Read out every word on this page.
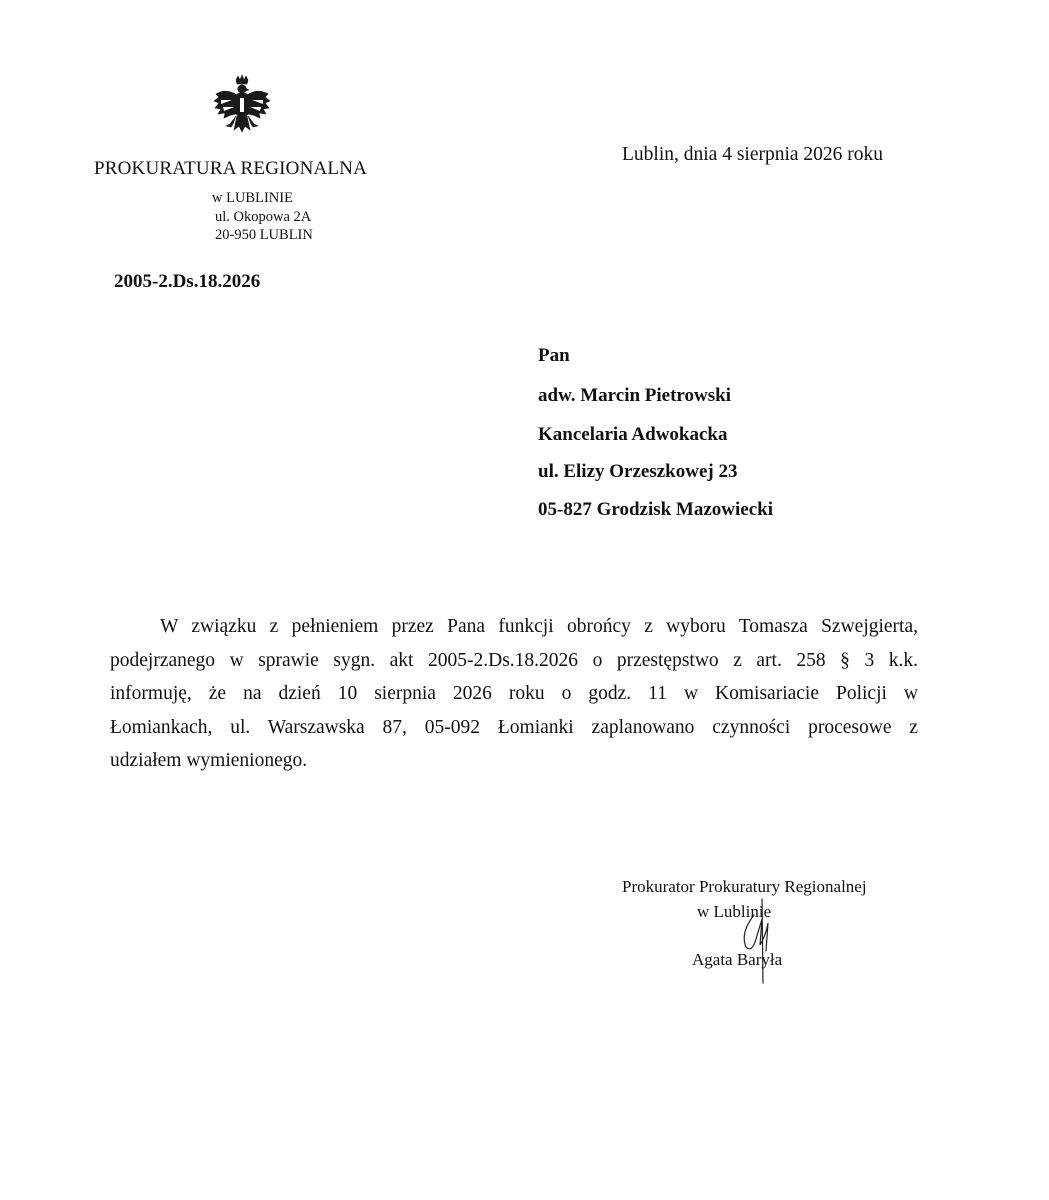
PROKURATURA REGIONALNA
w LUBLINIE
ul. Okopowa 2A
20-950 LUBLIN
2005-2.Ds.18.2026
Lublin, dnia 4 sierpnia 2026 roku
Pan
adw. Marcin Pietrowski
Kancelaria Adwokacka
ul. Elizy Orzeszkowej 23
05-827 Grodzisk Mazowiecki
W związku z pełnieniem przez Pana funkcji obrońcy z wyboru Tomasza Szwejgierta,
podejrzanego w sprawie sygn. akt 2005-2.Ds.18.2026 o przestępstwo z art. 258 § 3 k.k.
informuję, że na dzień 10 sierpnia 2026 roku o godz. 11 w Komisariacie Policji w
Łomiankach, ul. Warszawska 87, 05-092 Łomianki zaplanowano czynności procesowe z
udziałem wymienionego.
Prokurator Prokuratury Regionalnej
w Lublinie
Agata Baryła
